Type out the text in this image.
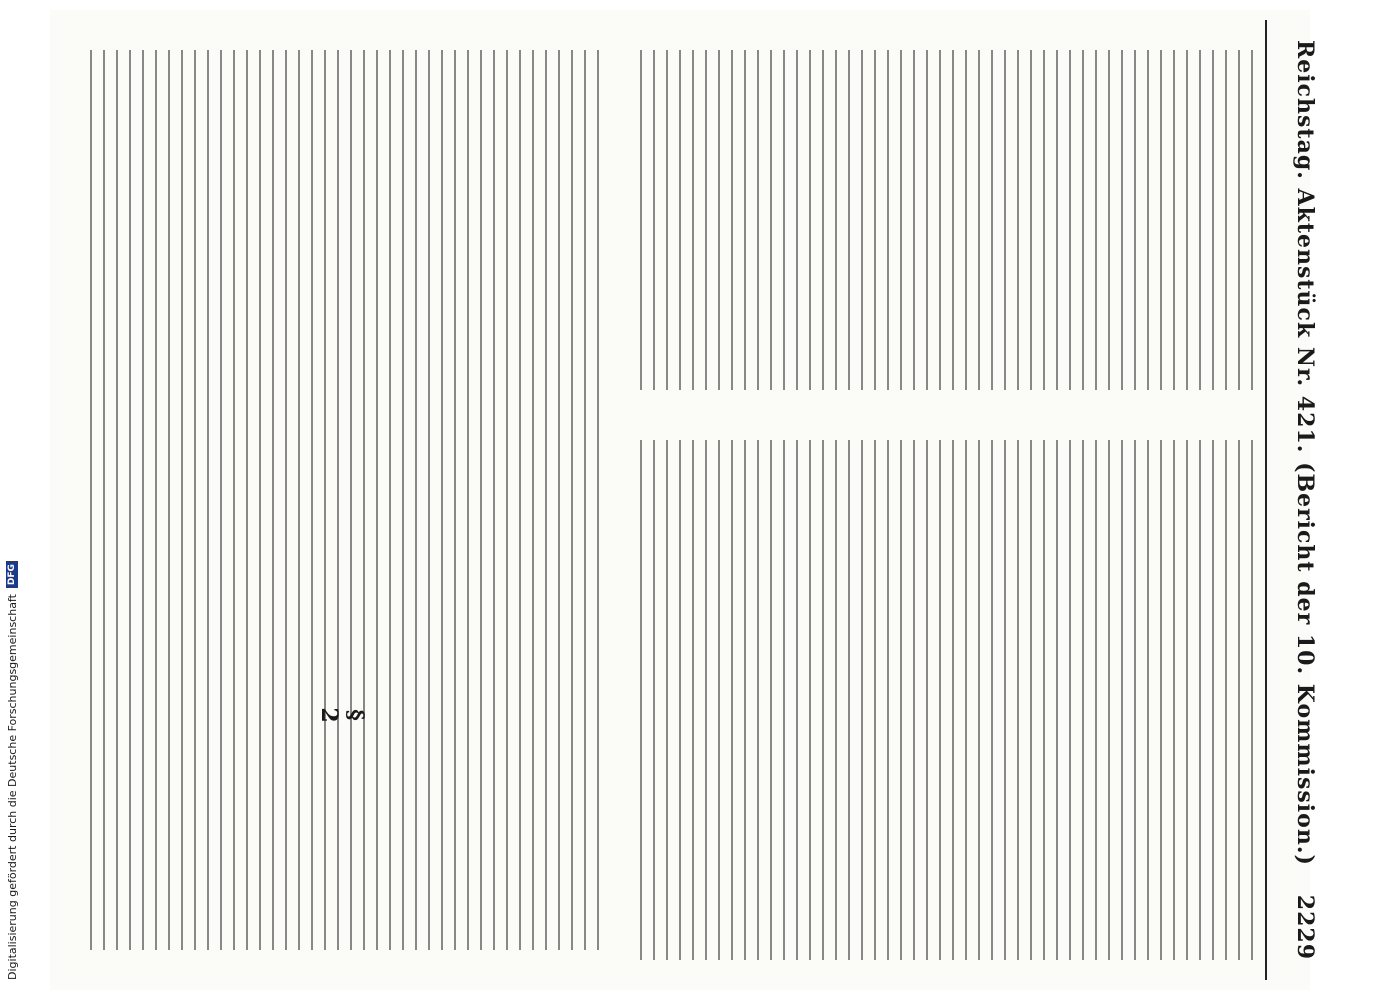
§ 2	Reichstag. Aktenstück Nr. 421. (Bericht der 10. Kommission.)
2229
Digitalisierung gefördert durch die Deutsche Forschungsgemeinschaft
DFG
